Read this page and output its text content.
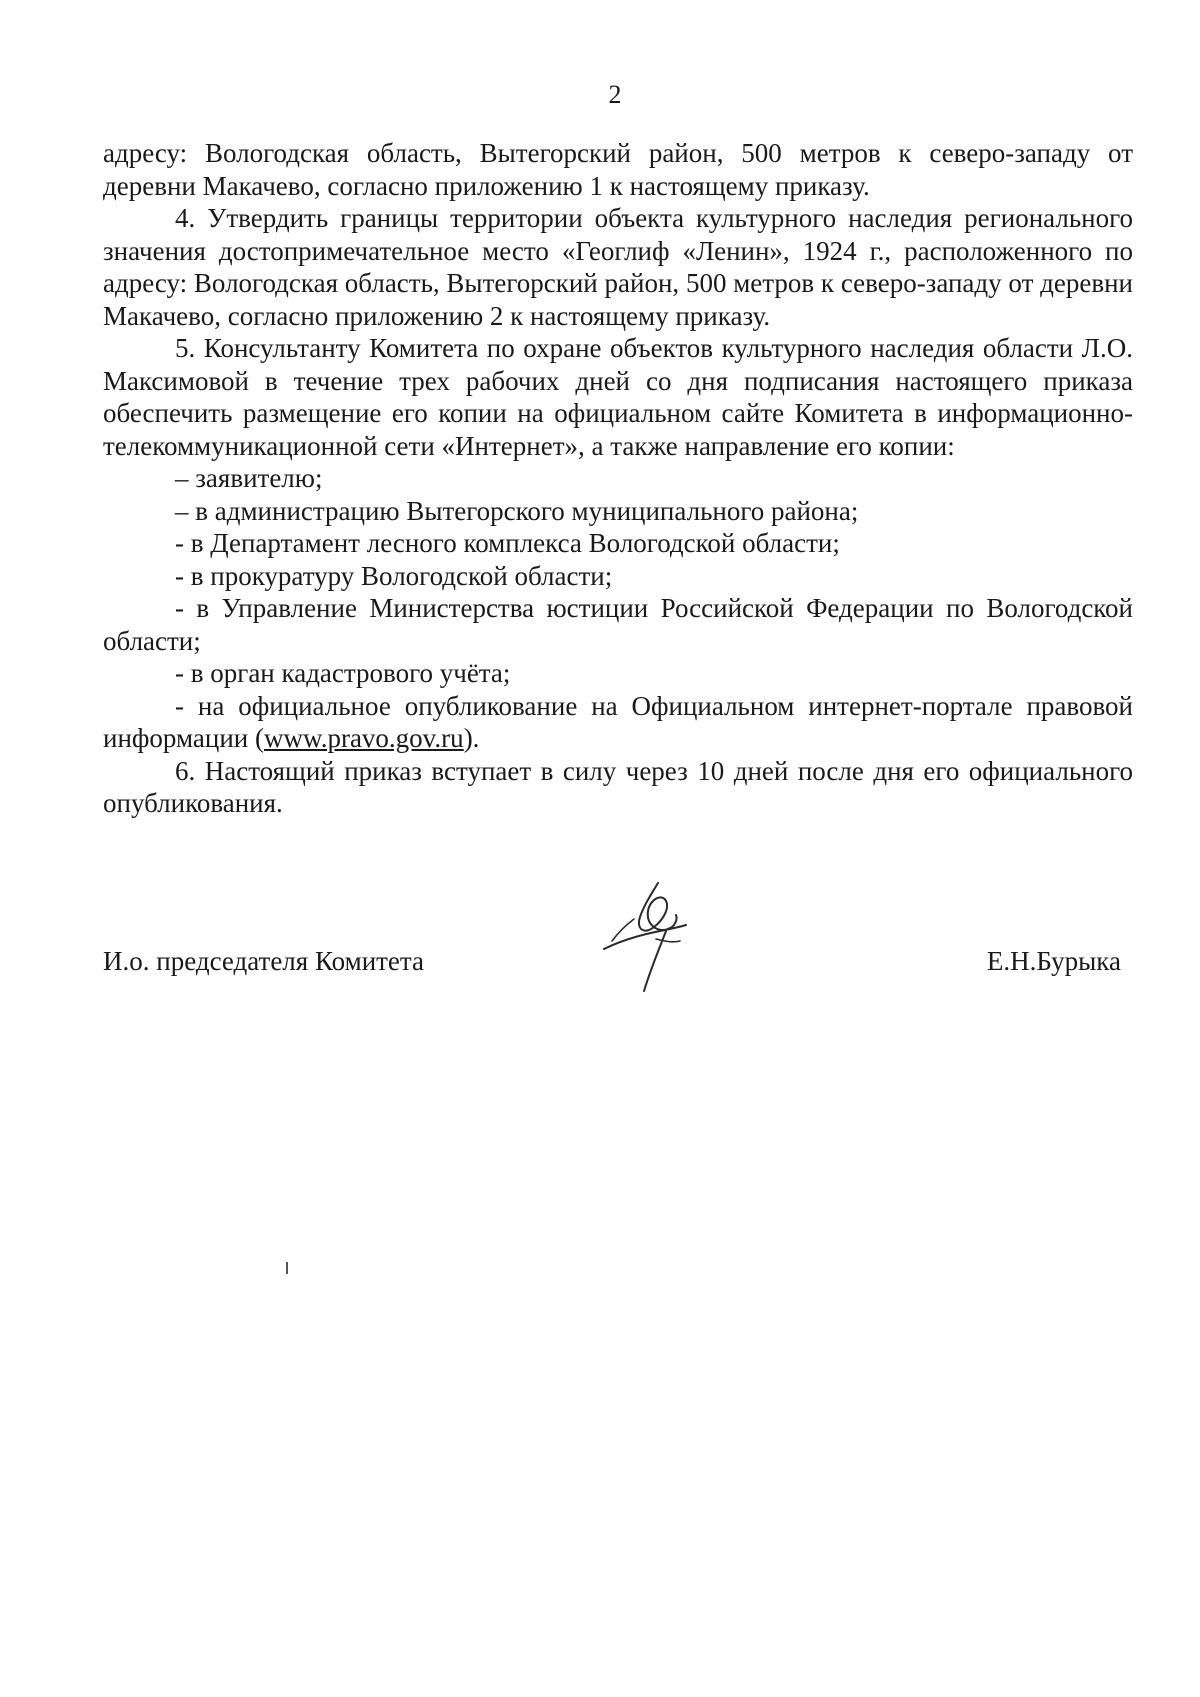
2

адресу: Вологодская область, Вытегорский район, 500 метров к северо-западу от

деревни Макачево, согласно приложению 1 к настоящему приказу.

4. Утвердить границы территории объекта культурного наследия регионального значения достопримечательное место «Геоглиф «Ленин», 1924 г., расположенного по адресу: Вологодская область, Вытегорский район, 500 метров к северо-западу от деревни Макачево, согласно приложению 2 к настоящему приказу.

5. Консультанту Комитета по охране объектов культурного наследия области Л.О. Максимовой в течение трех рабочих дней со дня подписания настоящего приказа обеспечить размещение его копии на официальном сайте Комитета в информационно-телекоммуникационной сети «Интернет», а также направление его копии:

– заявителю;

– в администрацию Вытегорского муниципального района;

- в Департамент лесного комплекса Вологодской области;

- в прокуратуру Вологодской области;

- в Управление Министерства юстиции Российской Федерации по Вологодской области;

- в орган кадастрового учёта;

- на официальное опубликование на Официальном интернет-портале правовой информации (www.pravo.gov.ru).

6. Настоящий приказ вступает в силу через 10 дней после дня его официального опубликования.

И.о. председателя Комитета	Е.Н.Бурыка
